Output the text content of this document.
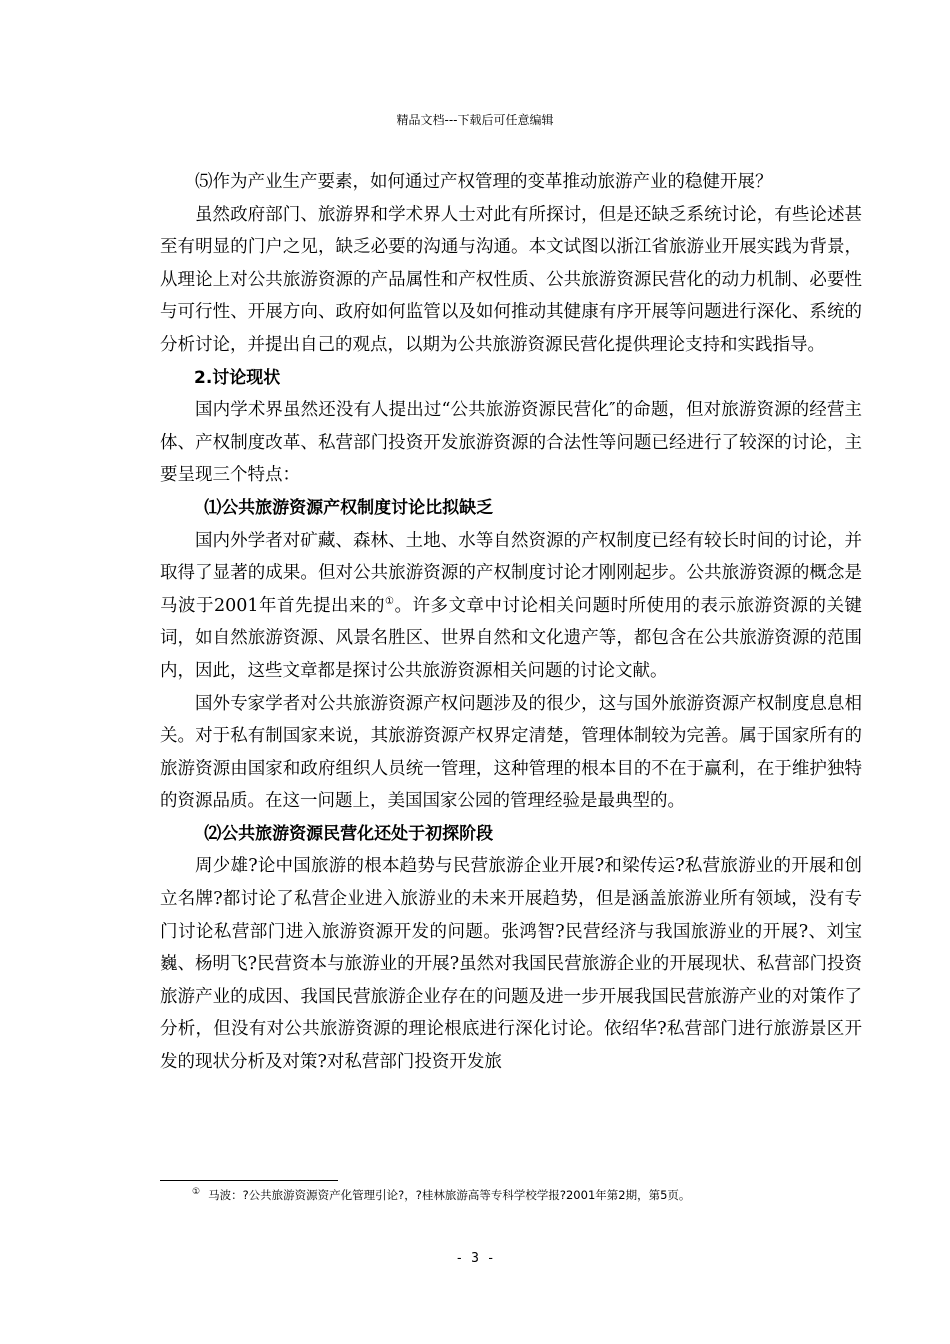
精品文档---下载后可任意编辑

⑸作为产业生产要素，如何通过产权管理的变革推动旅游产业的稳健开展？

虽然政府部门、旅游界和学术界人士对此有所探讨，但是还缺乏系统讨论，有些论述甚至有明显的门户之见，缺乏必要的沟通与沟通。本文试图以浙江省旅游业开展实践为背景，从理论上对公共旅游资源的产品属性和产权性质、公共旅游资源民营化的动力机制、必要性与可行性、开展方向、政府如何监管以及如何推动其健康有序开展等问题进行深化、系统的分析讨论，并提出自己的观点，以期为公共旅游资源民营化提供理论支持和实践指导。

2.讨论现状

国内学术界虽然还没有人提出过“公共旅游资源民营化″的命题，但对旅游资源的经营主体、产权制度改革、私营部门投资开发旅游资源的合法性等问题已经进行了较深的讨论，主要呈现三个特点：

⑴公共旅游资源产权制度讨论比拟缺乏

国内外学者对矿藏、森林、土地、水等自然资源的产权制度已经有较长时间的讨论，并取得了显著的成果。但对公共旅游资源的产权制度讨论才刚刚起步。公共旅游资源的概念是马波于2001年首先提出来的①。许多文章中讨论相关问题时所使用的表示旅游资源的关键词，如自然旅游资源、风景名胜区、世界自然和文化遗产等，都包含在公共旅游资源的范围内，因此，这些文章都是探讨公共旅游资源相关问题的讨论文献。

国外专家学者对公共旅游资源产权问题涉及的很少，这与国外旅游资源产权制度息息相关。对于私有制国家来说，其旅游资源产权界定清楚，管理体制较为完善。属于国家所有的旅游资源由国家和政府组织人员统一管理，这种管理的根本目的不在于赢利，在于维护独特的资源品质。在这一问题上，美国国家公园的管理经验是最典型的。

⑵公共旅游资源民营化还处于初探阶段

周少雄?论中国旅游的根本趋势与民营旅游企业开展?和梁传运?私营旅游业的开展和创立名牌?都讨论了私营企业进入旅游业的未来开展趋势，但是涵盖旅游业所有领域，没有专门讨论私营部门进入旅游资源开发的问题。张鸿智?民营经济与我国旅游业的开展?、刘宝巍、杨明飞?民营资本与旅游业的开展?虽然对我国民营旅游企业的开展现状、私营部门投资旅游产业的成因、我国民营旅游企业存在的问题及进一步开展我国民营旅游产业的对策作了分析，但没有对公共旅游资源的理论根底进行深化讨论。依绍华?私营部门进行旅游景区开发的现状分析及对策?对私营部门投资开发旅

① 马波：?公共旅游资源资产化管理引论?，?桂林旅游高等专科学校学报?2001年第2期，第5页。
- 3 -
